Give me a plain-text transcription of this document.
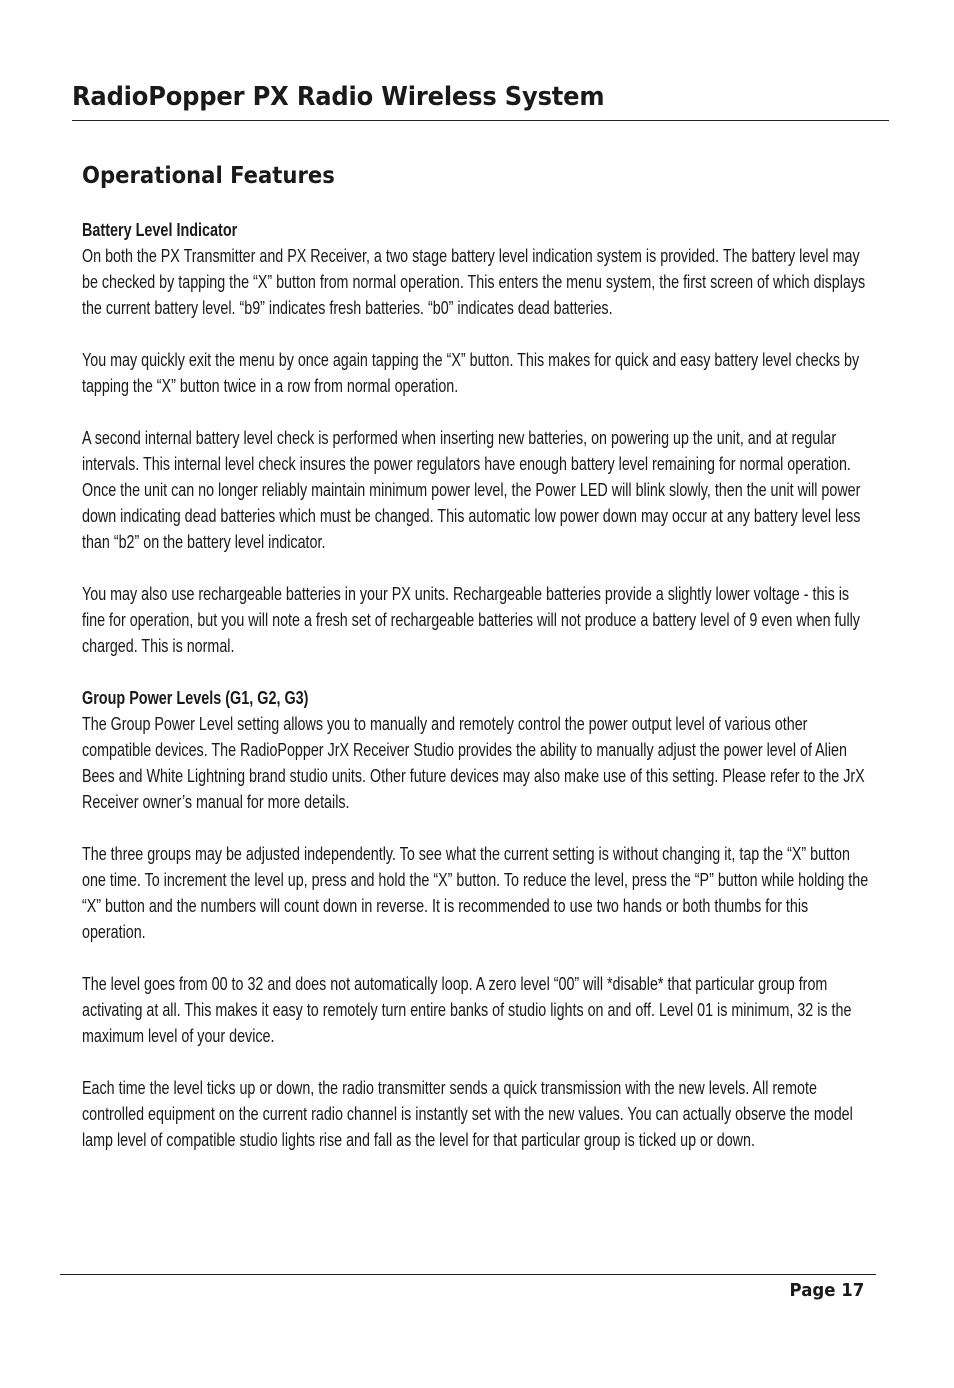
RadioPopper PX Radio Wireless System
Operational Features
Battery Level Indicator

On both the PX Transmitter and PX Receiver, a two stage battery level indication system is provided. The battery level may be checked by tapping the “X” button from normal operation. This enters the menu system, the first screen of which displays the current battery level. “b9” indicates fresh batteries. “b0” indicates dead batteries.

You may quickly exit the menu by once again tapping the “X” button. This makes for quick and easy battery level checks by tapping the “X” button twice in a row from normal operation.

A second internal battery level check is performed when inserting new batteries, on powering up the unit, and at regular intervals. This internal level check insures the power regulators have enough battery level remaining for normal operation. Once the unit can no longer reliably maintain minimum power level, the Power LED will blink slowly, then the unit will power down indicating dead batteries which must be changed. This automatic low power down may occur at any battery level less than “b2” on the battery level indicator.

You may also use rechargeable batteries in your PX units. Rechargeable batteries provide a slightly lower voltage - this is fine for operation, but you will note a fresh set of rechargeable batteries will not produce a battery level of 9 even when fully charged. This is normal.

Group Power Levels (G1, G2, G3)

The Group Power Level setting allows you to manually and remotely control the power output level of various other compatible devices. The RadioPopper JrX Receiver Studio provides the ability to manually adjust the power level of Alien Bees and White Lightning brand studio units. Other future devices may also make use of this setting. Please refer to the JrX Receiver owner’s manual for more details.

The three groups may be adjusted independently. To see what the current setting is without changing it, tap the “X” button one time. To increment the level up, press and hold the “X” button. To reduce the level, press the “P” button while holding the “X” button and the numbers will count down in reverse. It is recommended to use two hands or both thumbs for this operation.

The level goes from 00 to 32 and does not automatically loop. A zero level “00” will *disable* that particular group from activating at all. This makes it easy to remotely turn entire banks of studio lights on and off. Level 01 is minimum, 32 is the maximum level of your device.

Each time the level ticks up or down, the radio transmitter sends a quick transmission with the new levels. All remote controlled equipment on the current radio channel is instantly set with the new values. You can actually observe the model lamp level of compatible studio lights rise and fall as the level for that particular group is ticked up or down.

Page 17
